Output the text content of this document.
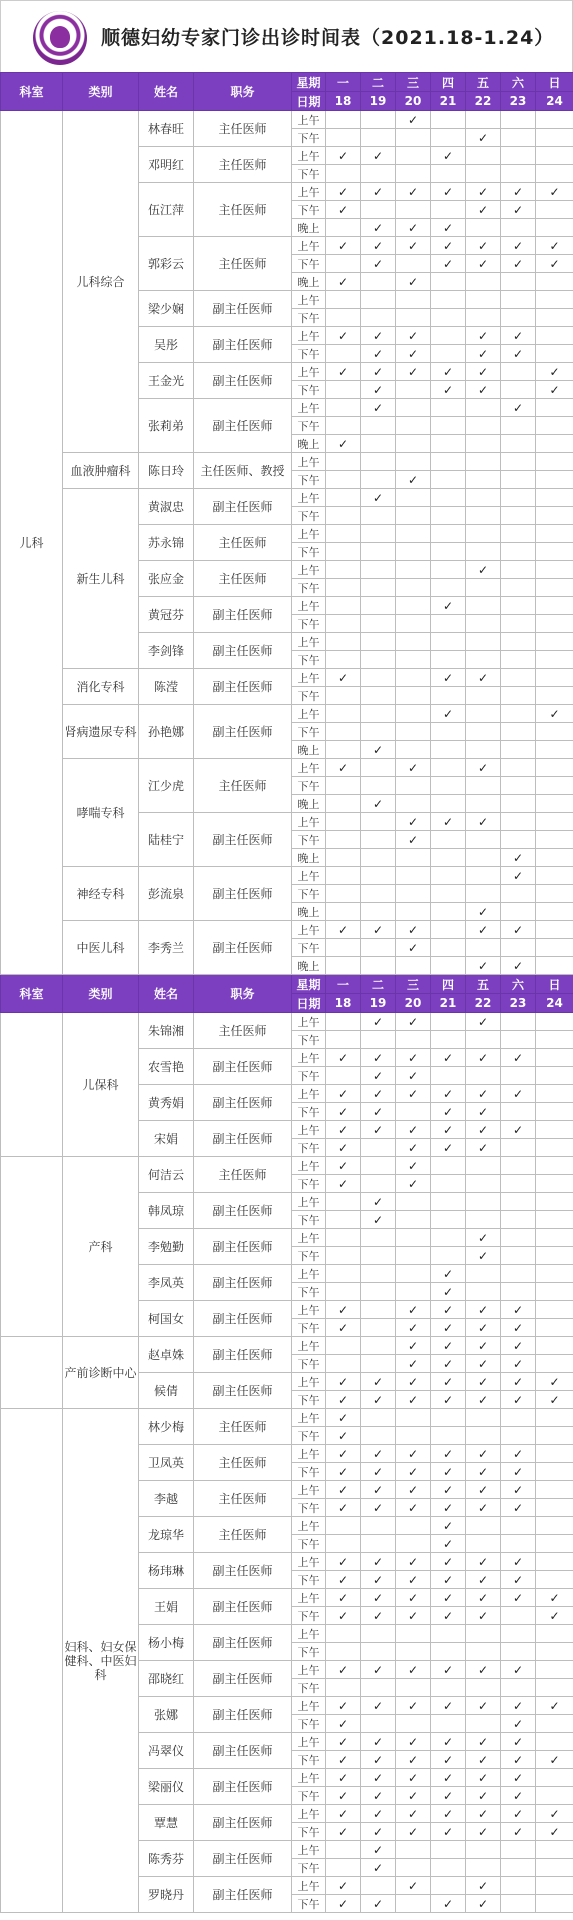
顺德妇幼专家门诊出诊时间表（2021.18-1.24）
科室	类别	姓名	职务	星期	一	二	三	四	五	六	日
				日期	18	19	20	21	22	23	24
儿科	儿科综合	林春旺	主任医师	上午			✓				
				下午					✓		
		邓明红	主任医师	上午	✓	✓		✓			
				下午							
		伍江萍	主任医师	上午	✓	✓	✓	✓	✓	✓	✓
				下午	✓				✓	✓	
				晚上		✓	✓	✓			
		郭彩云	主任医师	上午	✓	✓	✓	✓	✓	✓	✓
				下午		✓		✓	✓	✓	✓
				晚上	✓		✓				
		梁少娴	副主任医师	上午							
				下午							
		吴彤	副主任医师	上午	✓	✓	✓		✓	✓	
				下午		✓	✓		✓	✓	
		王金光	副主任医师	上午	✓	✓	✓	✓	✓		✓
				下午		✓		✓	✓		✓
		张莉弟	副主任医师	上午		✓				✓	
				下午							
				晚上	✓						
	血液肿瘤科	陈日玲	主任医师、教授	上午							
				下午			✓				
	新生儿科	黄淑忠	副主任医师	上午		✓					
				下午							
		苏永锦	主任医师	上午							
				下午							
		张应金	主任医师	上午					✓		
				下午							
		黄冠芬	副主任医师	上午				✓			
				下午							
		李剑锋	副主任医师	上午							
				下午							
	消化专科	陈滢	副主任医师	上午	✓			✓	✓		
				下午							
	肾病遗尿专科	孙艳娜	副主任医师	上午				✓			✓
				下午							
				晚上		✓					
	哮喘专科	江少虎	主任医师	上午	✓		✓		✓		
				下午							
				晚上		✓					
		陆桂宁	副主任医师	上午			✓	✓	✓		
				下午			✓				
				晚上						✓	
	神经专科	彭流泉	副主任医师	上午						✓	
				下午							
				晚上					✓		
	中医儿科	李秀兰	副主任医师	上午	✓	✓	✓		✓	✓	
				下午			✓				
				晚上					✓	✓	
科室	类别	姓名	职务	星期	一	二	三	四	五	六	日
				日期	18	19	20	21	22	23	24
	儿保科	朱锦湘	主任医师	上午		✓	✓		✓		
				下午							
		农雪艳	副主任医师	上午	✓	✓	✓	✓	✓	✓	
				下午		✓	✓				
		黄秀娟	副主任医师	上午	✓	✓	✓	✓	✓	✓	
				下午	✓	✓		✓	✓		
		宋娟	副主任医师	上午	✓	✓	✓	✓	✓	✓	
				下午	✓		✓	✓	✓		
	产科	何洁云	主任医师	上午	✓		✓				
				下午	✓		✓				
		韩凤琼	副主任医师	上午		✓					
				下午		✓					
		李勉勤	副主任医师	上午					✓		
				下午					✓		
		李凤英	副主任医师	上午				✓			
				下午				✓			
		柯国女	副主任医师	上午	✓		✓	✓	✓	✓	
				下午	✓		✓	✓	✓	✓	
	产前诊断中心	赵卓姝	副主任医师	上午			✓	✓	✓	✓	
				下午			✓	✓	✓	✓	
		候倩	副主任医师	上午	✓	✓	✓	✓	✓	✓	✓
				下午	✓	✓	✓	✓	✓	✓	✓
	妇科、妇女保健科、中医妇科	林少梅	主任医师	上午	✓						
				下午	✓						
		卫凤英	主任医师	上午	✓	✓	✓	✓	✓	✓	
				下午	✓	✓	✓	✓	✓	✓	
		李越	主任医师	上午	✓	✓	✓	✓	✓	✓	
				下午	✓	✓	✓	✓	✓	✓	
		龙琼华	主任医师	上午				✓			
				下午				✓			
		杨玮琳	副主任医师	上午	✓	✓	✓	✓	✓	✓	
				下午	✓	✓	✓	✓	✓	✓	
		王娟	副主任医师	上午	✓	✓	✓	✓	✓	✓	✓
				下午	✓	✓	✓	✓	✓		✓
		杨小梅	副主任医师	上午							
				下午							
		邵晓红	副主任医师	上午	✓	✓	✓	✓	✓	✓	
				下午							
		张娜	副主任医师	上午	✓	✓	✓	✓	✓	✓	✓
				下午	✓					✓	
		冯翠仪	副主任医师	上午	✓	✓	✓	✓	✓	✓	
				下午	✓	✓	✓	✓	✓	✓	✓
		梁丽仪	副主任医师	上午	✓	✓	✓	✓	✓	✓	
				下午	✓	✓	✓	✓	✓	✓	
		覃慧	副主任医师	上午	✓	✓	✓	✓	✓	✓	✓
				下午	✓	✓	✓	✓	✓	✓	✓
		陈秀芬	副主任医师	上午		✓					
				下午		✓					
		罗晓丹	副主任医师	上午	✓		✓		✓		
				下午	✓	✓		✓	✓		
